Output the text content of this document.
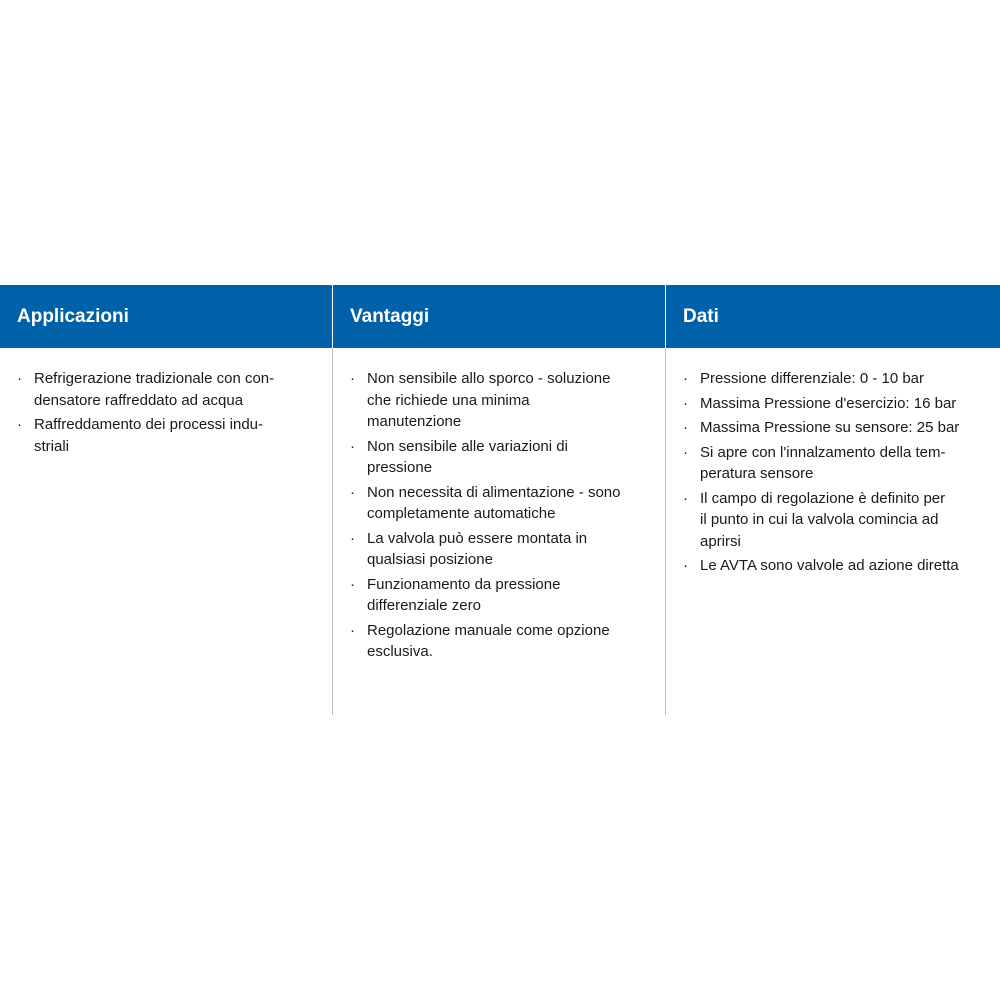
Applicazioni	Vantaggi	Dati
· Refrigerazione tradizionale con con-
densatore raffreddato ad acqua
· Raffreddamento dei processi indu-
striali
· Non sensibile allo sporco - soluzione
che richiede una minima
manutenzione
· Non sensibile alle variazioni di
pressione
· Non necessita di alimentazione - sono
completamente automatiche
· La valvola può essere montata in
qualsiasi posizione
· Funzionamento da pressione
differenziale zero
· Regolazione manuale come opzione
esclusiva.
· Pressione differenziale: 0 - 10 bar
· Massima Pressione d'esercizio: 16 bar
· Massima Pressione su sensore: 25 bar
· Si apre con l'innalzamento della tem-
peratura sensore
· Il campo di regolazione è definito per
il punto in cui la valvola comincia ad
aprirsi
· Le AVTA sono valvole ad azione diretta
